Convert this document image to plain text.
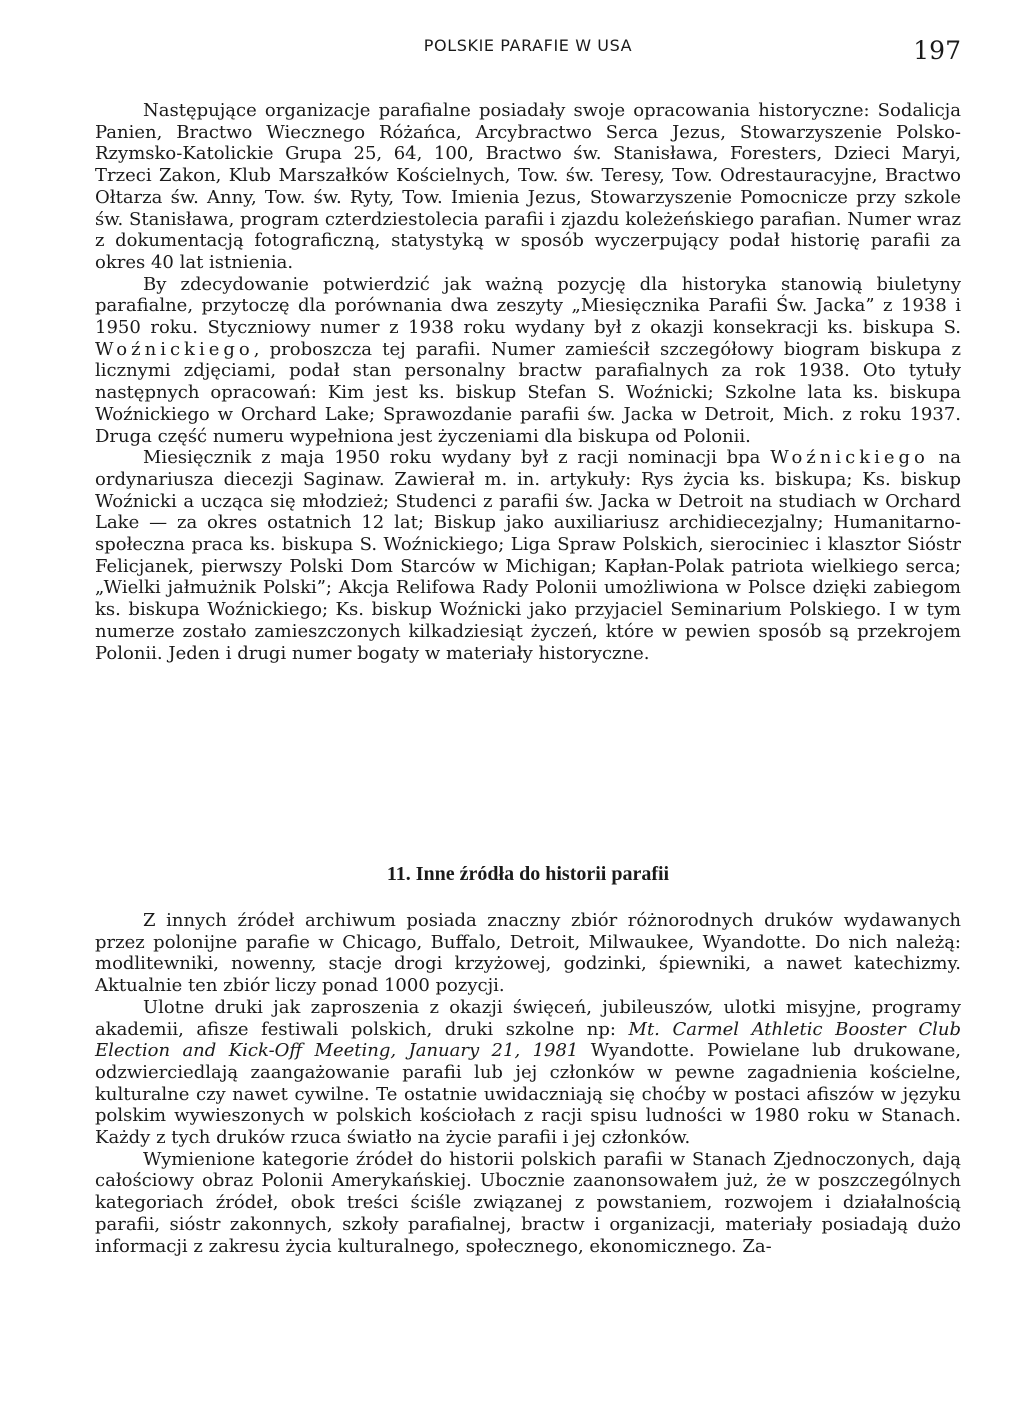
POLSKIE PARAFIE W USA	197

Następujące organizacje parafialne posiadały swoje opracowania historyczne: Sodalicja Panien, Bractwo Wiecznego Różańca, Arcybractwo Serca Jezus, Stowarzyszenie Polsko-Rzymsko-Katolickie Grupa 25, 64, 100, Bractwo św. Stanisława, Foresters, Dzieci Maryi, Trzeci Zakon, Klub Marszałków Kościelnych, Tow. św. Teresy, Tow. Odrestauracyjne, Bractwo Ołtarza św. Anny, Tow. św. Ryty, Tow. Imienia Jezus, Stowarzyszenie Pomocnicze przy szkole św. Stanisława, program czterdziestolecia parafii i zjazdu koleżeńskiego parafian. Numer wraz z dokumentacją fotograficzną, statystyką w sposób wyczerpujący podał historię parafii za okres 40 lat istnienia.

By zdecydowanie potwierdzić jak ważną pozycję dla historyka stanowią biuletyny parafialne, przytoczę dla porównania dwa zeszyty „Miesięcznika Parafii Św. Jacka” z 1938 i 1950 roku. Styczniowy numer z 1938 roku wydany był z okazji konsekracji ks. biskupa S. Woźnickiego, proboszcza tej parafii. Numer zamieścił szczegółowy biogram biskupa z licznymi zdjęciami, podał stan personalny bractw parafialnych za rok 1938. Oto tytuły następnych opracowań: Kim jest ks. biskup Stefan S. Woźnicki; Szkolne lata ks. biskupa Woźnickiego w Orchard Lake; Sprawozdanie parafii św. Jacka w Detroit, Mich. z roku 1937. Druga część numeru wypełniona jest życzeniami dla biskupa od Polonii.

Miesięcznik z maja 1950 roku wydany był z racji nominacji bpa Woźnickiego na ordynariusza diecezji Saginaw. Zawierał m. in. artykuły: Rys życia ks. biskupa; Ks. biskup Woźnicki a ucząca się młodzież; Studenci z parafii św. Jacka w Detroit na studiach w Orchard Lake — za okres ostatnich 12 lat; Biskup jako auxiliariusz archidiecezjalny; Humanitarno-społeczna praca ks. biskupa S. Woźnickiego; Liga Spraw Polskich, sierociniec i klasztor Sióstr Felicjanek, pierwszy Polski Dom Starców w Michigan; Kapłan-Polak patriota wielkiego serca; „Wielki jałmużnik Polski”; Akcja Relifowa Rady Polonii umożliwiona w Polsce dzięki zabiegom ks. biskupa Woźnickiego; Ks. biskup Woźnicki jako przyjaciel Seminarium Polskiego. I w tym numerze zostało zamieszczonych kilkadziesiąt życzeń, które w pewien sposób są przekrojem Polonii. Jeden i drugi numer bogaty w materiały historyczne.

11. Inne źródła do historii parafii

Z innych źródeł archiwum posiada znaczny zbiór różnorodnych druków wydawanych przez polonijne parafie w Chicago, Buffalo, Detroit, Milwaukee, Wyandotte. Do nich należą: modlitewniki, nowenny, stacje drogi krzyżowej, godzinki, śpiewniki, a nawet katechizmy. Aktualnie ten zbiór liczy ponad 1000 pozycji.

Ulotne druki jak zaproszenia z okazji święceń, jubileuszów, ulotki misyjne, programy akademii, afisze festiwali polskich, druki szkolne np: Mt. Carmel Athletic Booster Club Election and Kick-Off Meeting, January 21, 1981 Wyandotte. Powielane lub drukowane, odzwierciedlają zaangażowanie parafii lub jej członków w pewne zagadnienia kościelne, kulturalne czy nawet cywilne. Te ostatnie uwidaczniają się choćby w postaci afiszów w języku polskim wywieszonych w polskich kościołach z racji spisu ludności w 1980 roku w Stanach. Każdy z tych druków rzuca światło na życie parafii i jej członków.

Wymienione kategorie źródeł do historii polskich parafii w Stanach Zjednoczonych, dają całościowy obraz Polonii Amerykańskiej. Ubocznie zaanonsowałem już, że w poszczególnych kategoriach źródeł, obok treści ściśle związanej z powstaniem, rozwojem i działalnością parafii, sióstr zakonnych, szkoły parafialnej, bractw i organizacji, materiały posiadają dużo informacji z zakresu życia kulturalnego, społecznego, ekonomicznego. Za-
